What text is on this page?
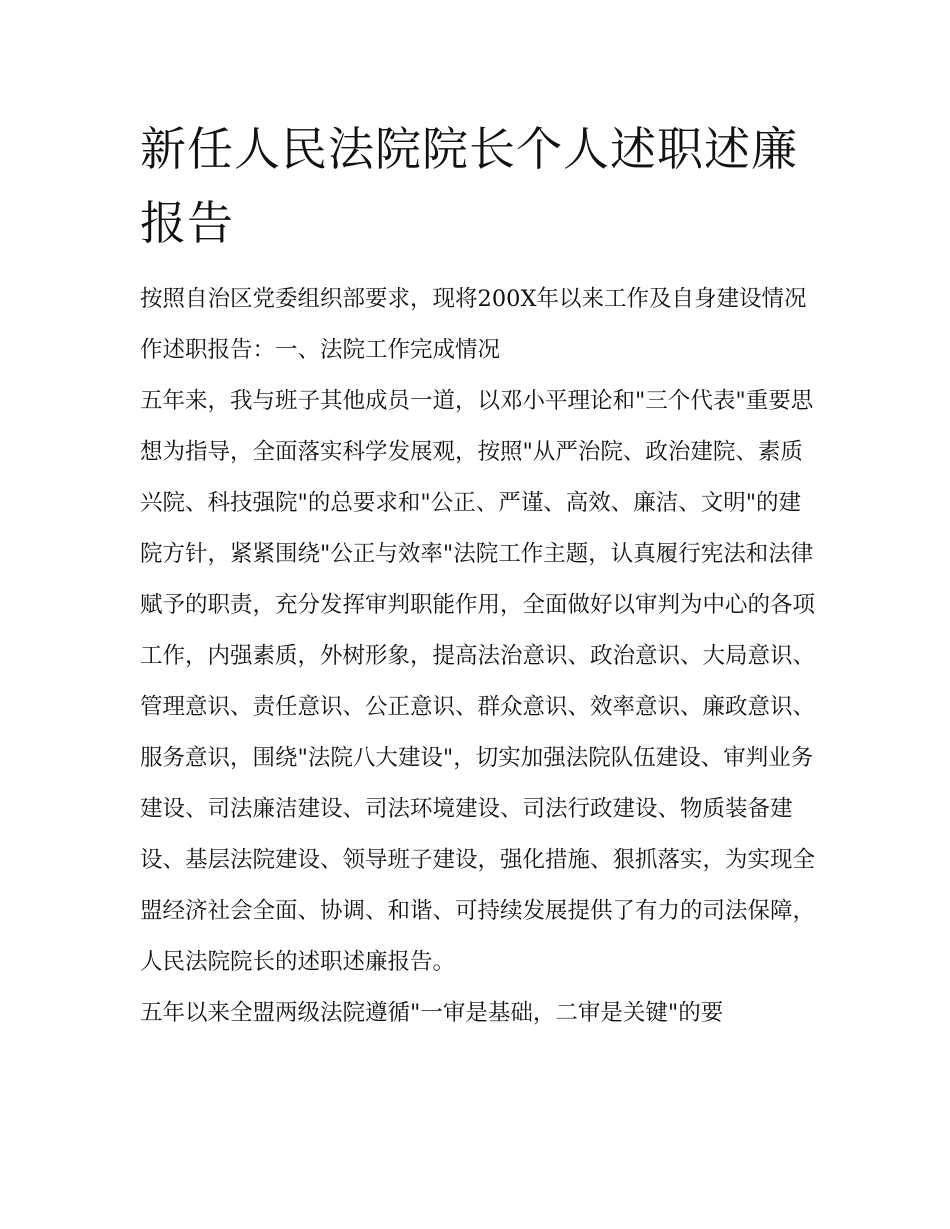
新任人民法院院长个人述职述廉报告

按照自治区党委组织部要求，现将200X年以来工作及自身建设情况作述职报告：一、法院工作完成情况

五年来，我与班子其他成员一道，以邓小平理论和"三个代表"重要思想为指导，全面落实科学发展观，按照"从严治院、政治建院、素质兴院、科技强院"的总要求和"公正、严谨、高效、廉洁、文明"的建院方针，紧紧围绕"公正与效率"法院工作主题，认真履行宪法和法律赋予的职责，充分发挥审判职能作用，全面做好以审判为中心的各项工作，内强素质，外树形象，提高法治意识、政治意识、大局意识、管理意识、责任意识、公正意识、群众意识、效率意识、廉政意识、服务意识，围绕"法院八大建设"，切实加强法院队伍建设、审判业务建设、司法廉洁建设、司法环境建设、司法行政建设、物质装备建设、基层法院建设、领导班子建设，强化措施、狠抓落实，为实现全盟经济社会全面、协调、和谐、可持续发展提供了有力的司法保障，人民法院院长的述职述廉报告。

五年以来全盟两级法院遵循"一审是基础，二审是关键"的要
